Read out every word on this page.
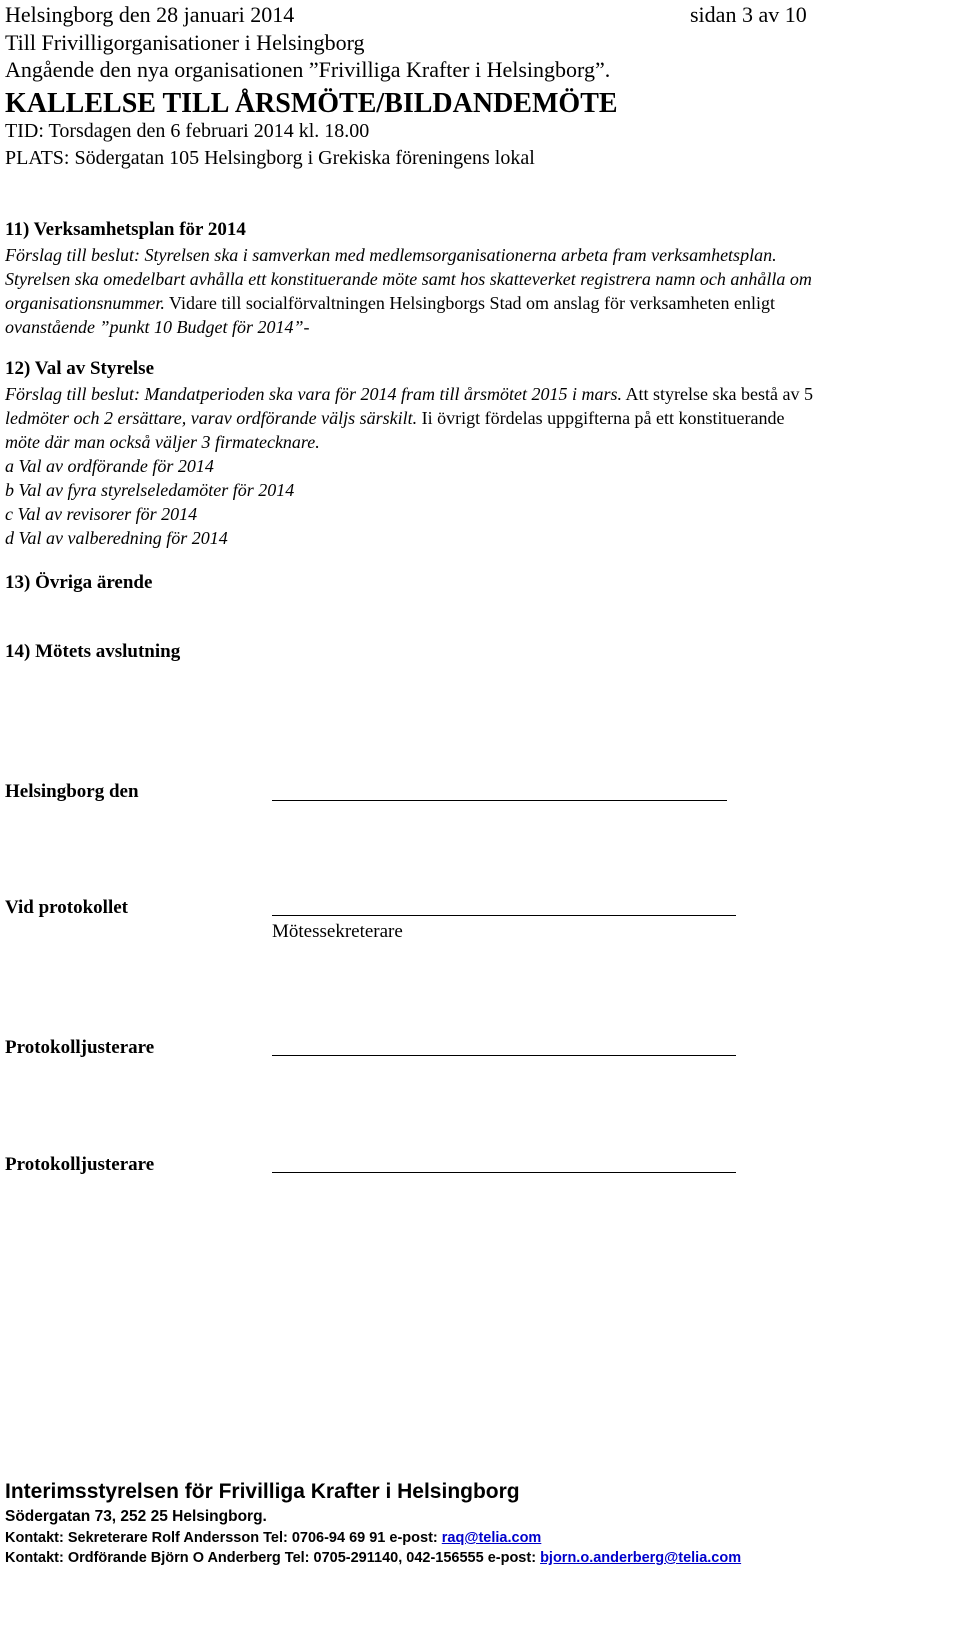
Helsingborg den 28 januari 2014	sidan 3 av 10
Till Frivilligorganisationer i Helsingborg
Angående den nya organisationen ”Frivilliga Krafter i Helsingborg”.
KALLELSE TILL ÅRSMÖTE/BILDANDEMÖTE
TID: Torsdagen den 6 februari 2014 kl. 18.00
PLATS: Södergatan 105 Helsingborg i Grekiska föreningens lokal
11) Verksamhetsplan för 2014
Förslag till beslut: Styrelsen ska i samverkan med medlemsorganisationerna arbeta fram verksamhetsplan.
Styrelsen ska omedelbart avhålla ett konstituerande möte samt hos skatteverket registrera namn och anhålla om
organisationsnummer. Vidare till socialförvaltningen Helsingborgs Stad om anslag för verksamheten enligt
ovanstående ”punkt 10 Budget för 2014”-
12) Val av Styrelse
Förslag till beslut: Mandatperioden ska vara för 2014 fram till årsmötet 2015 i mars. Att styrelse ska bestå av 5
ledmöter och 2 ersättare, varav ordförande väljs särskilt. Ii övrigt fördelas uppgifterna på ett konstituerande
möte där man också väljer 3 firmatecknare.
a Val av ordförande för 2014
b Val av fyra styrelseledamöter för 2014
c Val av revisorer för 2014
d Val av valberedning för 2014
13) Övriga ärende
14) Mötets avslutning
Helsingborg den
Vid protokollet
Mötessekreterare
Protokolljusterare
Protokolljusterare
Interimsstyrelsen för Frivilliga Krafter i Helsingborg
Södergatan 73, 252 25 Helsingborg.
Kontakt: Sekreterare Rolf Andersson Tel: 0706-94 69 91 e-post: raq@telia.com
Kontakt: Ordförande Björn O Anderberg Tel: 0705-291140, 042-156555 e-post: bjorn.o.anderberg@telia.com
